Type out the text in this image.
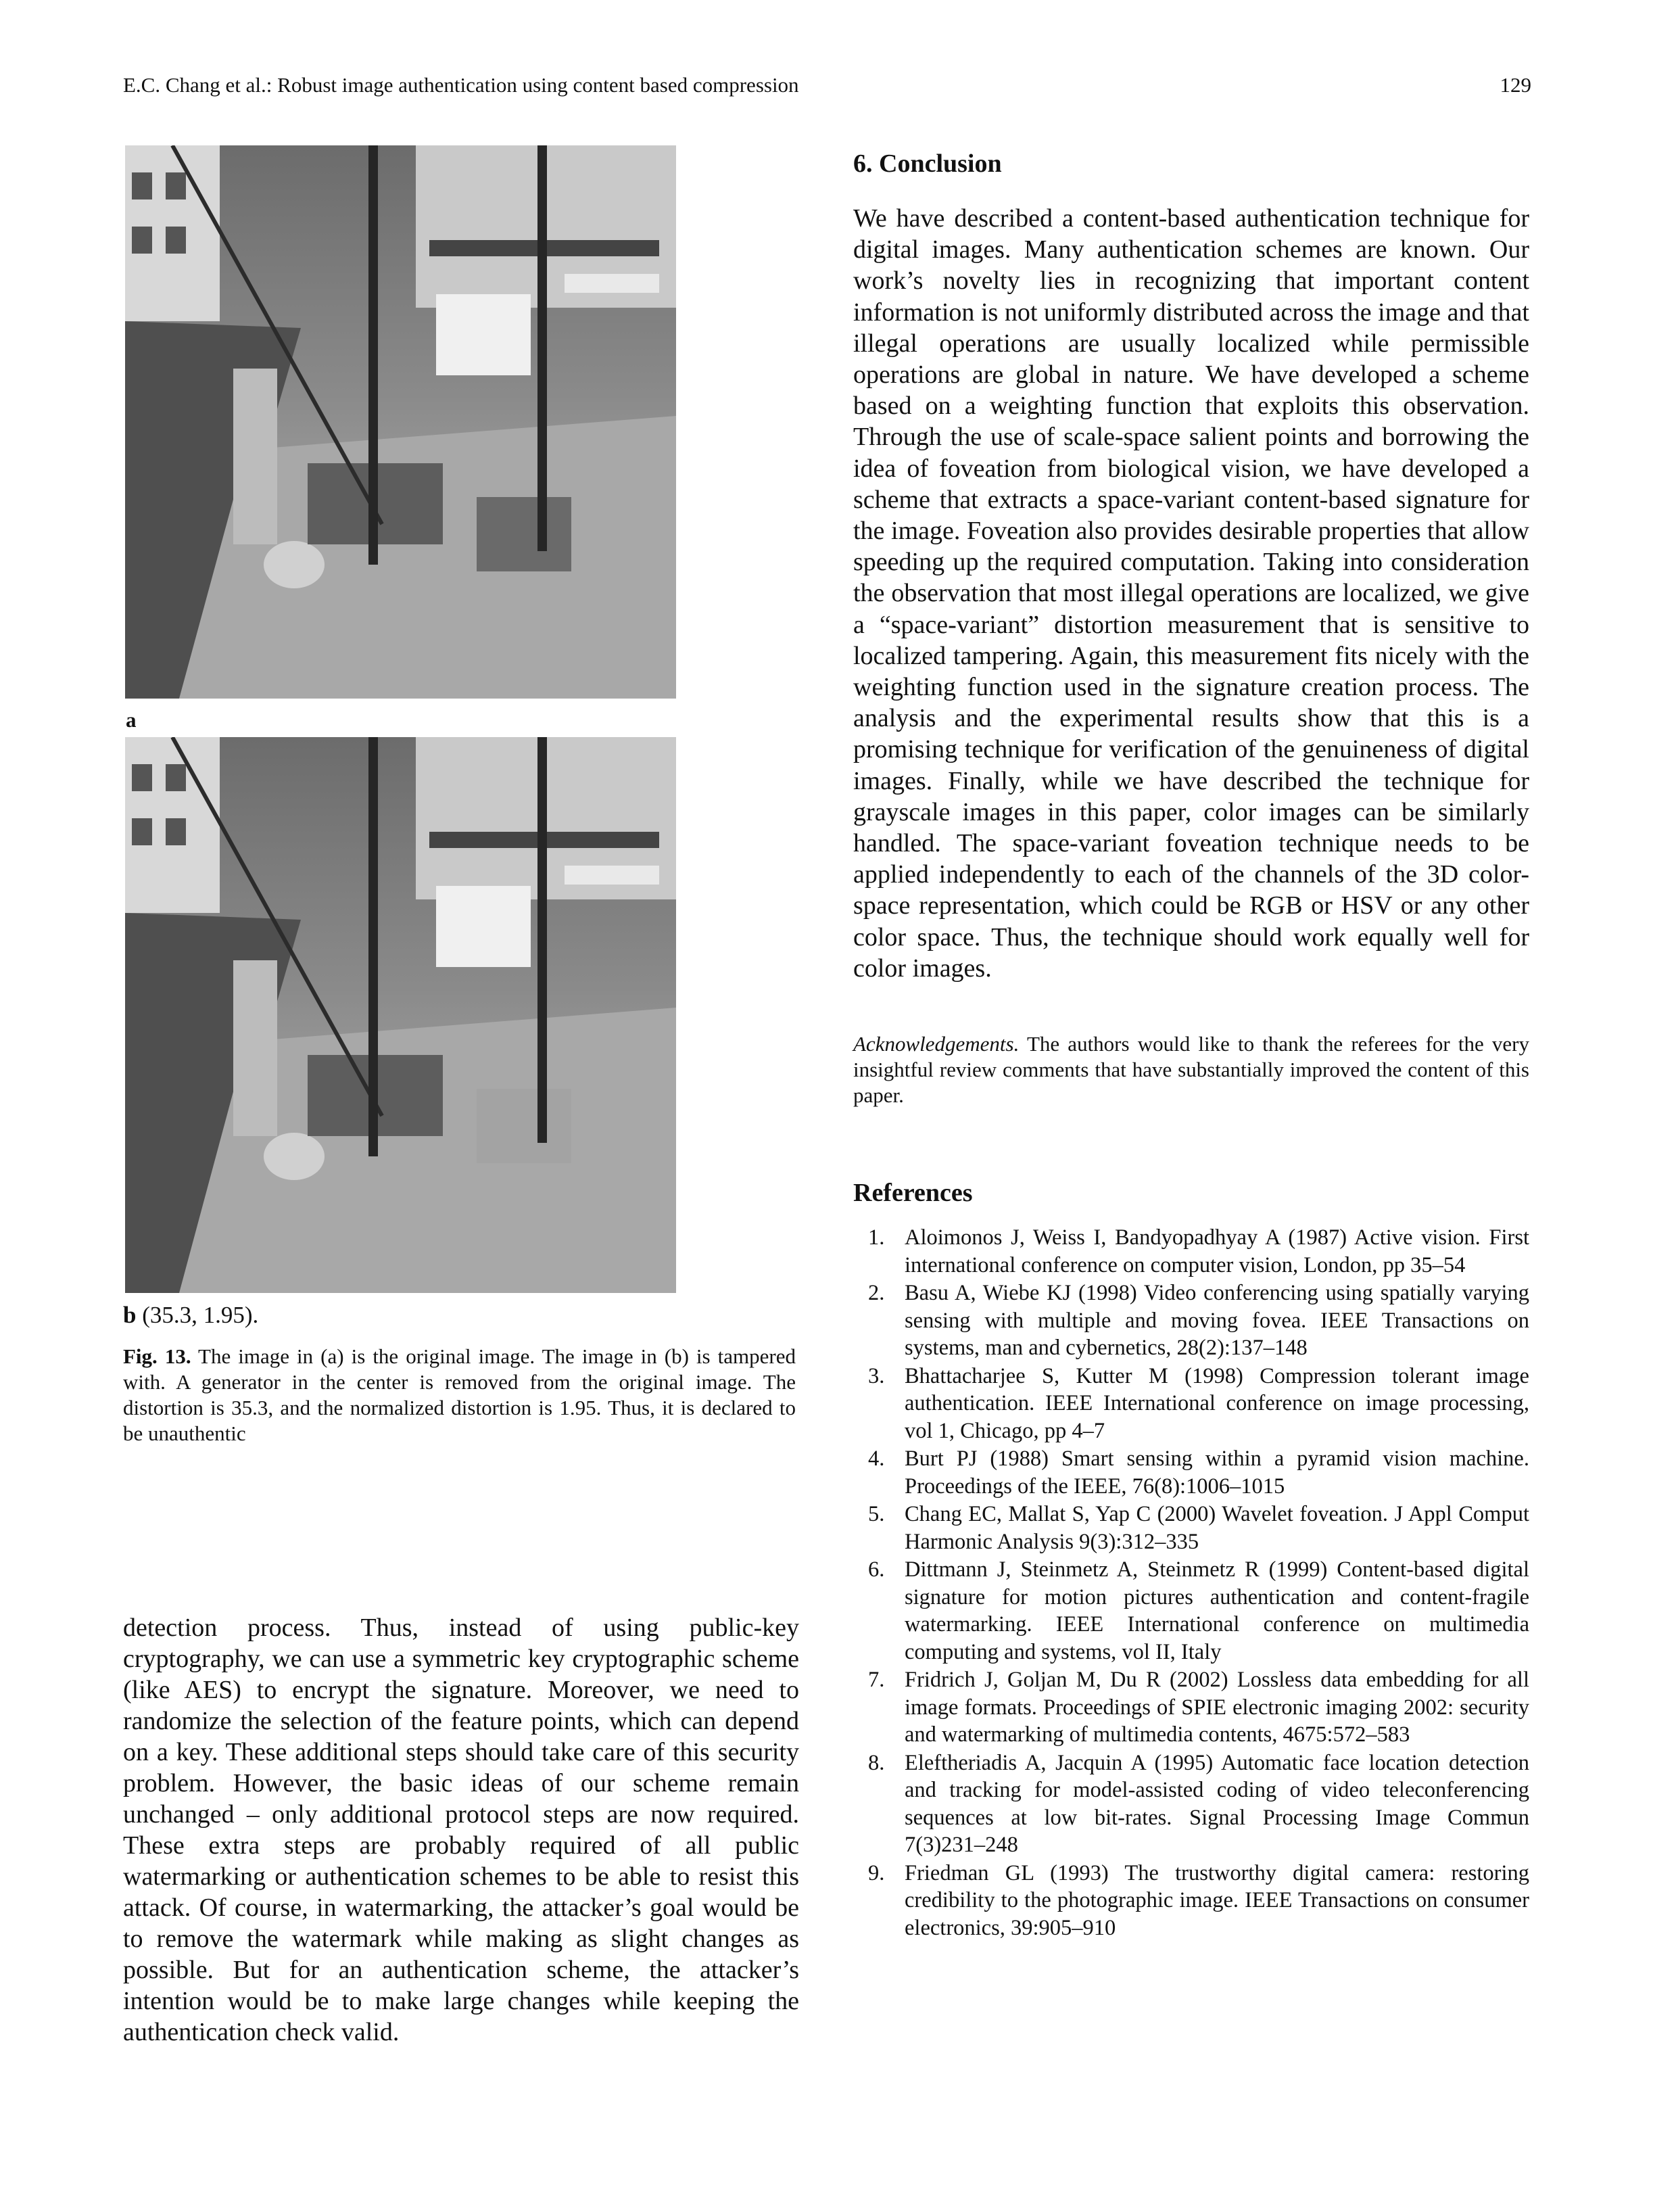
E.C. Chang et al.: Robust image authentication using content based compression	129
a
b (35.3, 1.95).
Fig. 13. The image in (a) is the original image. The image in (b) is tampered with. A generator in the center is removed from the original image. The distortion is 35.3, and the normalized distortion is 1.95. Thus, it is declared to be unauthentic
detection process. Thus, instead of using public-key cryptography, we can use a symmetric key cryptographic scheme (like AES) to encrypt the signature. Moreover, we need to randomize the selection of the feature points, which can depend on a key. These additional steps should take care of this security problem. However, the basic ideas of our scheme remain unchanged – only additional protocol steps are now required. These extra steps are probably required of all public watermarking or authentication schemes to be able to resist this attack. Of course, in watermarking, the attacker’s goal would be to remove the watermark while making as slight changes as possible. But for an authentication scheme, the attacker’s intention would be to make large changes while keeping the authentication check valid.
6. Conclusion
We have described a content-based authentication technique for digital images. Many authentication schemes are known. Our work’s novelty lies in recognizing that important content information is not uniformly distributed across the image and that illegal operations are usually localized while permissible operations are global in nature. We have developed a scheme based on a weighting function that exploits this observation. Through the use of scale-space salient points and borrowing the idea of foveation from biological vision, we have developed a scheme that extracts a space-variant content-based signature for the image. Foveation also provides desirable properties that allow speeding up the required computation. Taking into consideration the observation that most illegal operations are localized, we give a “space-variant” distortion measurement that is sensitive to localized tampering. Again, this measurement fits nicely with the weighting function used in the signature creation process. The analysis and the experimental results show that this is a promising technique for verification of the genuineness of digital images. Finally, while we have described the technique for grayscale images in this paper, color images can be similarly handled. The space-variant foveation technique needs to be applied independently to each of the channels of the 3D color-space representation, which could be RGB or HSV or any other color space. Thus, the technique should work equally well for color images.
Acknowledgements. The authors would like to thank the referees for the very insightful review comments that have substantially improved the content of this paper.
References
1. Aloimonos J, Weiss I, Bandyopadhyay A (1987) Active vision. First international conference on computer vision, London, pp 35–54
2. Basu A, Wiebe KJ (1998) Video conferencing using spatially varying sensing with multiple and moving fovea. IEEE Transactions on systems, man and cybernetics, 28(2):137–148
3. Bhattacharjee S, Kutter M (1998) Compression tolerant image authentication. IEEE International conference on image processing, vol 1, Chicago, pp 4–7
4. Burt PJ (1988) Smart sensing within a pyramid vision machine. Proceedings of the IEEE, 76(8):1006–1015
5. Chang EC, Mallat S, Yap C (2000) Wavelet foveation. J Appl Comput Harmonic Analysis 9(3):312–335
6. Dittmann J, Steinmetz A, Steinmetz R (1999) Content-based digital signature for motion pictures authentication and content-fragile watermarking. IEEE International conference on multimedia computing and systems, vol II, Italy
7. Fridrich J, Goljan M, Du R (2002) Lossless data embedding for all image formats. Proceedings of SPIE electronic imaging 2002: security and watermarking of multimedia contents, 4675:572–583
8. Eleftheriadis A, Jacquin A (1995) Automatic face location detection and tracking for model-assisted coding of video teleconferencing sequences at low bit-rates. Signal Processing Image Commun 7(3)231–248
9. Friedman GL (1993) The trustworthy digital camera: restoring credibility to the photographic image. IEEE Transactions on consumer electronics, 39:905–910
